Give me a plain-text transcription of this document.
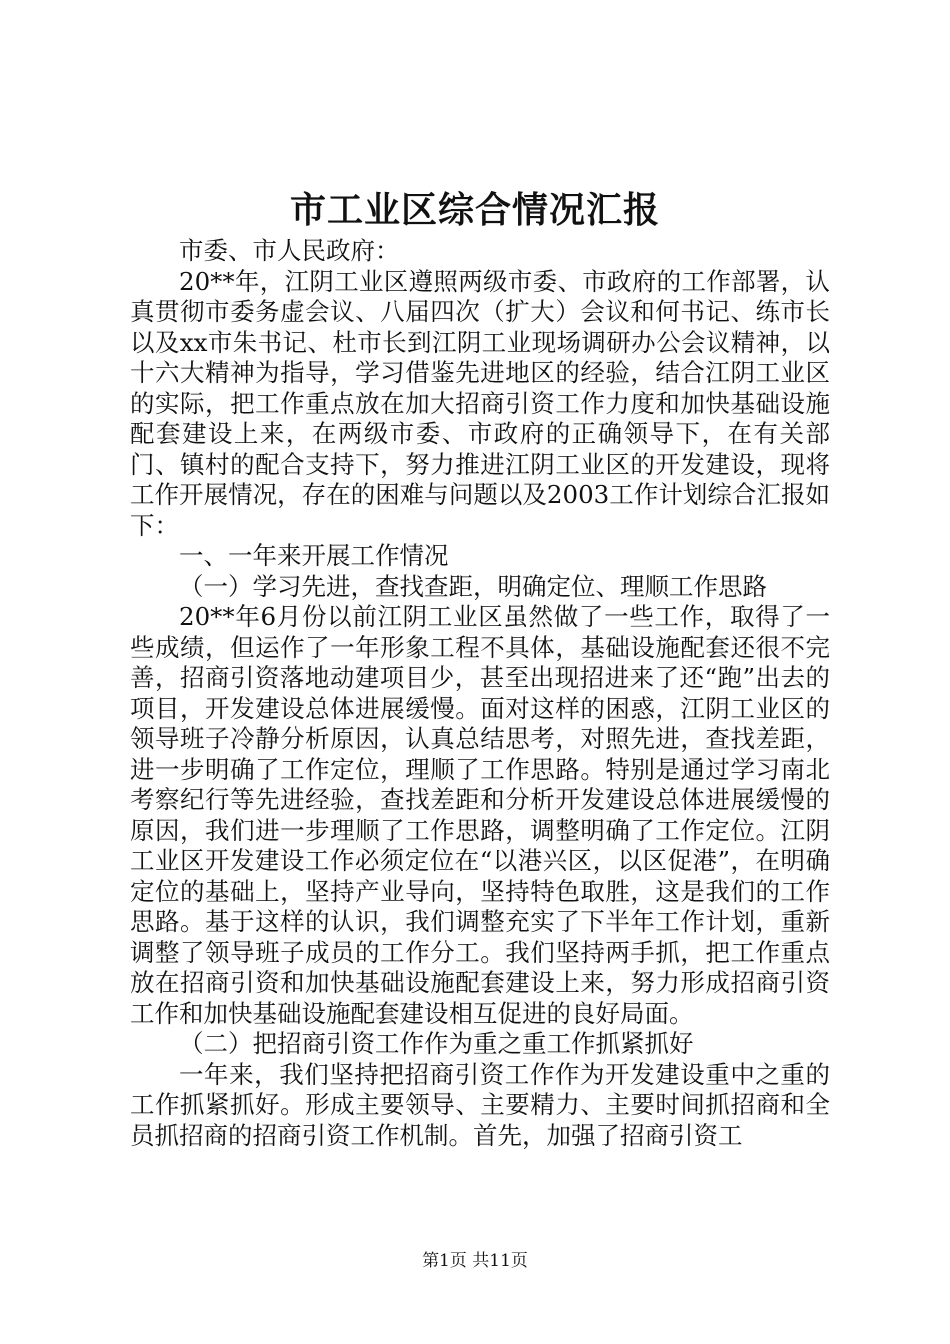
市工业区综合情况汇报

市委、市人民政府：

20**年，江阴工业区遵照两级市委、市政府的工作部署，认真贯彻市委务虚会议、八届四次（扩大）会议和何书记、练市长以及xx市朱书记、杜市长到江阴工业现场调研办公会议精神，以十六大精神为指导，学习借鉴先进地区的经验，结合江阴工业区的实际，把工作重点放在加大招商引资工作力度和加快基础设施配套建设上来，在两级市委、市政府的正确领导下，在有关部门、镇村的配合支持下，努力推进江阴工业区的开发建设，现将工作开展情况，存在的困难与问题以及2003工作计划综合汇报如下：

一、一年来开展工作情况

（一）学习先进，查找查距，明确定位、理顺工作思路

20**年6月份以前江阴工业区虽然做了一些工作，取得了一些成绩，但运作了一年形象工程不具体，基础设施配套还很不完善，招商引资落地动建项目少，甚至出现招进来了还“跑”出去的项目，开发建设总体进展缓慢。面对这样的困惑，江阴工业区的领导班子冷静分析原因，认真总结思考，对照先进，查找差距，进一步明确了工作定位，理顺了工作思路。特别是通过学习南北考察纪行等先进经验，查找差距和分析开发建设总体进展缓慢的原因，我们进一步理顺了工作思路，调整明确了工作定位。江阴工业区开发建设工作必须定位在“以港兴区，以区促港”，在明确定位的基础上，坚持产业导向，坚持特色取胜，这是我们的工作思路。基于这样的认识，我们调整充实了下半年工作计划，重新调整了领导班子成员的工作分工。我们坚持两手抓，把工作重点放在招商引资和加快基础设施配套建设上来，努力形成招商引资工作和加快基础设施配套建设相互促进的良好局面。

（二）把招商引资工作作为重之重工作抓紧抓好

一年来，我们坚持把招商引资工作作为开发建设重中之重的工作抓紧抓好。形成主要领导、主要精力、主要时间抓招商和全员抓招商的招商引资工作机制。首先，加强了招商引资工

第1页 共11页
